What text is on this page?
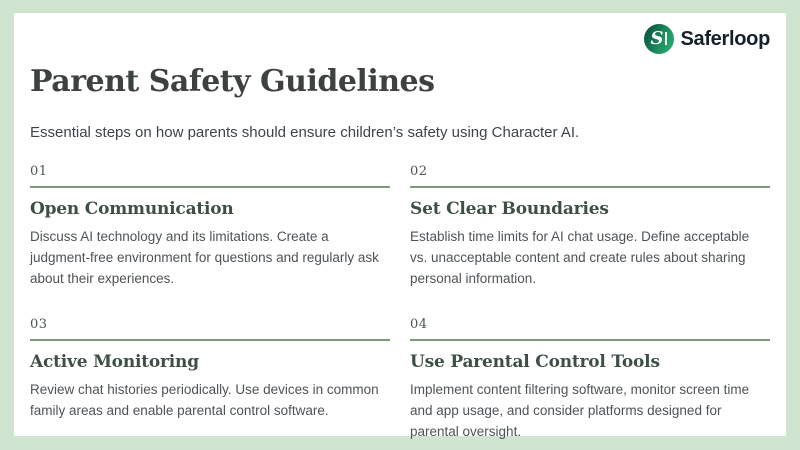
S Saferloop
Parent Safety Guidelines

Essential steps on how parents should ensure children’s safety using Character AI.

01
Open Communication

Discuss AI technology and its limitations. Create a judgment-free environment for questions and regularly ask about their experiences.

02
Set Clear Boundaries

Establish time limits for AI chat usage. Define acceptable vs. unacceptable content and create rules about sharing personal information.

03
Active Monitoring

Review chat histories periodically. Use devices in common family areas and enable parental control software.

04
Use Parental Control Tools

Implement content filtering software, monitor screen time and app usage, and consider platforms designed for parental oversight.
